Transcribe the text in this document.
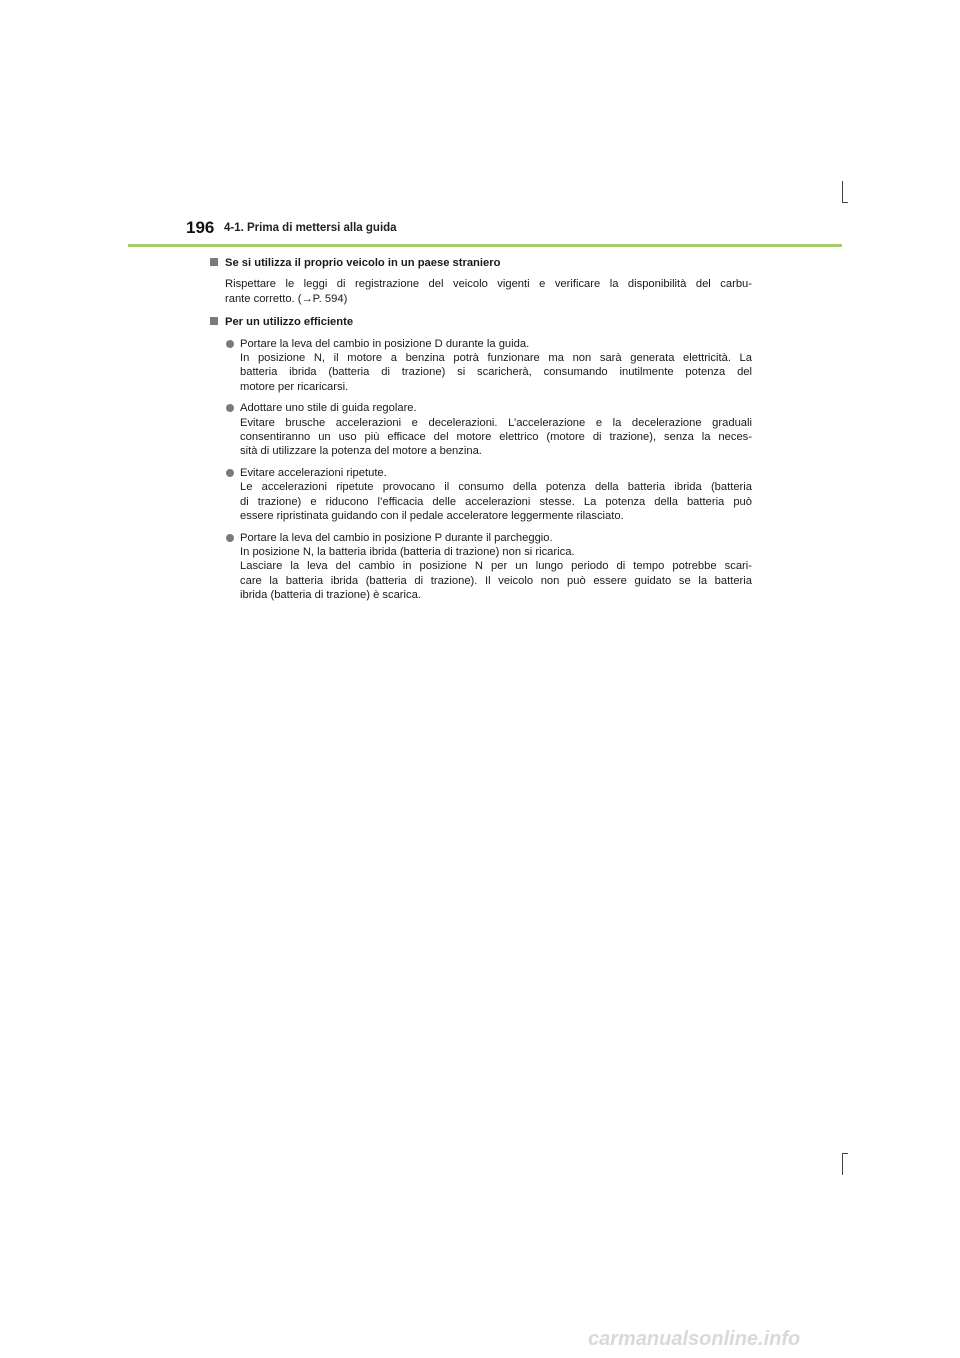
196 4-1. Prima di mettersi alla guida
Se si utilizza il proprio veicolo in un paese straniero
Rispettare le leggi di registrazione del veicolo vigenti e verificare la disponibilità del carbu-
rante corretto. (→P. 594)
Per un utilizzo efficiente
Portare la leva del cambio in posizione D durante la guida.
In posizione N, il motore a benzina potrà funzionare ma non sarà generata elettricità. La
batteria ibrida (batteria di trazione) si scaricherà, consumando inutilmente potenza del
motore per ricaricarsi.
Adottare uno stile di guida regolare.
Evitare brusche accelerazioni e decelerazioni. L’accelerazione e la decelerazione graduali
consentiranno un uso più efficace del motore elettrico (motore di trazione), senza la neces-
sità di utilizzare la potenza del motore a benzina.
Evitare accelerazioni ripetute.
Le accelerazioni ripetute provocano il consumo della potenza della batteria ibrida (batteria
di trazione) e riducono l’efficacia delle accelerazioni stesse. La potenza della batteria può
essere ripristinata guidando con il pedale acceleratore leggermente rilasciato.
Portare la leva del cambio in posizione P durante il parcheggio.
In posizione N, la batteria ibrida (batteria di trazione) non si ricarica.
Lasciare la leva del cambio in posizione N per un lungo periodo di tempo potrebbe scari-
care la batteria ibrida (batteria di trazione). Il veicolo non può essere guidato se la batteria
ibrida (batteria di trazione) è scarica.
carmanualsonline.info
